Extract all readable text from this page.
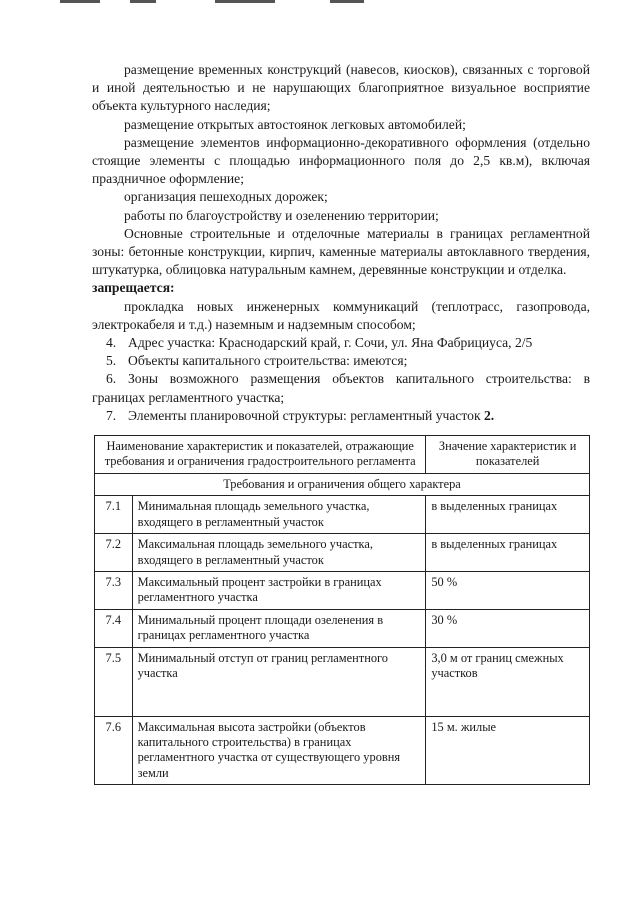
размещение временных конструкций (навесов, киосков), связанных с торговой и иной деятельностью и не нарушающих благоприятное визуальное восприятие объекта культурного наследия;

размещение открытых автостоянок легковых автомобилей;

размещение элементов информационно-декоративного оформления (отдельно стоящие элементы с площадью информационного поля до 2,5 кв.м), включая праздничное оформление;

организация пешеходных дорожек;

работы по благоустройству и озеленению территории;

Основные строительные и отделочные материалы в границах регламентной зоны: бетонные конструкции, кирпич, каменные материалы автоклавного твердения, штукатурка, облицовка натуральным камнем, деревянные конструкции и отделка.

запрещается:

прокладка новых инженерных коммуникаций (теплотрасс, газопровода, электрокабеля и т.д.) наземным и надземным способом;

4. Адрес участка: Краснодарский край, г. Сочи, ул. Яна Фабрициуса, 2/5

5. Объекты капитального строительства: имеются;

6. Зоны возможного размещения объектов капитального строительства: в границах регламентного участка;

7. Элементы планировочной структуры: регламентный участок 2.

Наименование характеристик и показателей, отражающие требования и ограничения градостроительного регламента		Значение характеристик и показателей
Требования и ограничения общего характера		
7.1	Минимальная площадь земельного участка, входящего в регламентный участок	в выделенных границах
7.2	Максимальная площадь земельного участка, входящего в регламентный участок	в выделенных границах
7.3	Максимальный процент застройки в границах регламентного участка	50 %
7.4	Минимальный процент площади озеленения в границах регламентного участка	30 %
7.5	Минимальный отступ от границ регламентного участка	3,0 м от границ смежных участков
7.6	Максимальная высота застройки (объектов капитального строительства) в границах регламентного участка от существующего уровня земли	15 м. жилые
